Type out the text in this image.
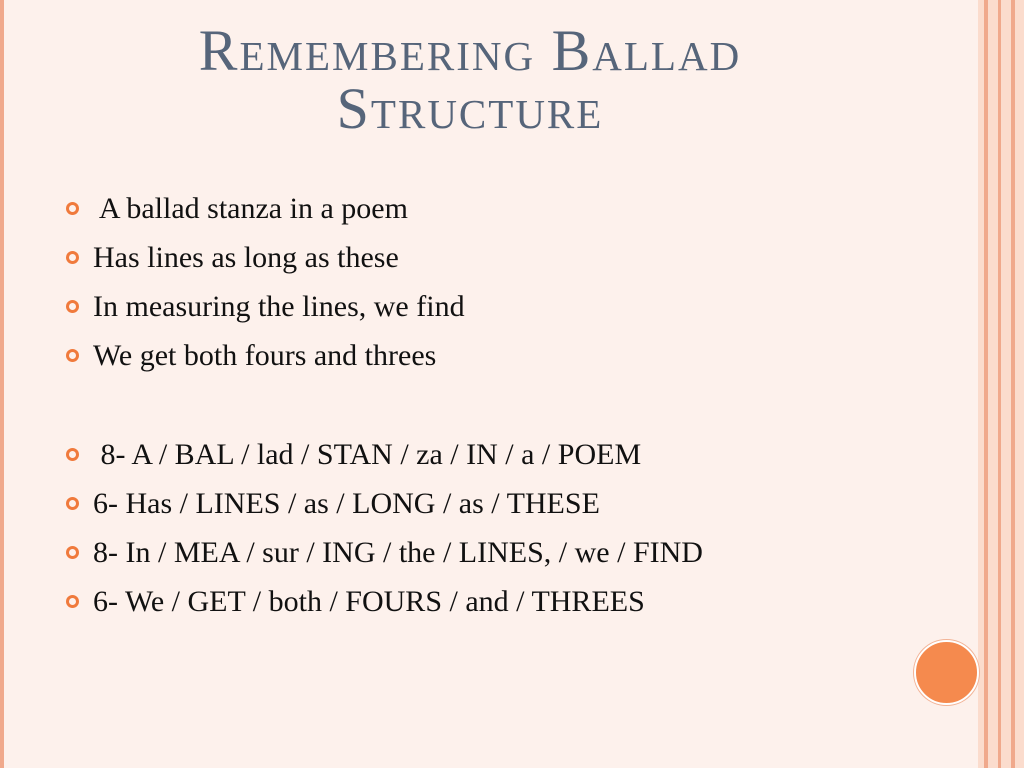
Remembering Ballad
Structure
A ballad stanza in a poem
Has lines as long as these
In measuring the lines, we find
We get both fours and threes
8- A / BAL / lad / STAN / za / IN / a / POEM
6- Has / LINES / as / LONG / as / THESE
8- In / MEA / sur / ING / the / LINES, / we / FIND
6- We / GET / both / FOURS / and / THREES
